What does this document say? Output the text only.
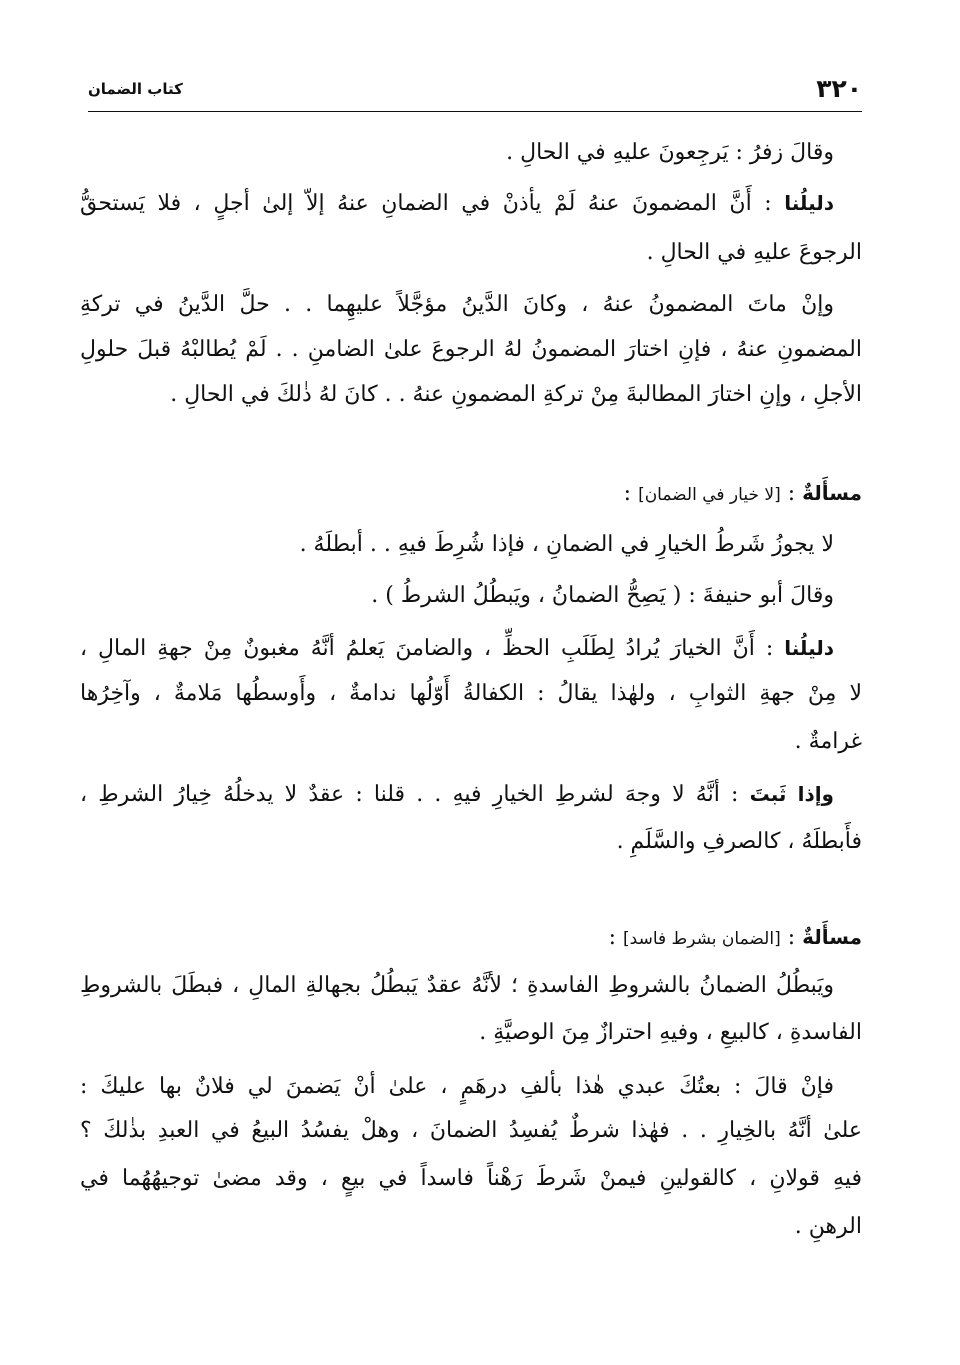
٣٢٠
كتاب الضمان
وقالَ زفرُ : يَرجِعونَ عليهِ في الحالِ .
دليلُنا : أَنَّ المضمونَ عنهُ لَمْ يأذنْ في الضمانِ عنهُ إلاّ إلىٰ أجلٍ ، فلا يَستحقُّ
الرجوعَ عليهِ في الحالِ .
وإنْ ماتَ المضمونُ عنهُ ، وكانَ الدَّينُ مؤجَّلاً عليهِما . . حلَّ الدَّينُ في تركةِ
المضمونِ عنهُ ، فإنِ اختارَ المضمونُ لهُ الرجوعَ علىٰ الضامنِ . . لَمْ يُطالبْهُ قبلَ حلولِ
الأجلِ ، وإنِ اختارَ المطالبةَ مِنْ تركةِ المضمونِ عنهُ . . كانَ لهُ ذٰلكَ في الحالِ .
مسأَلةٌ : [لا خيار في الضمان] :
لا يجوزُ شَرطُ الخيارِ في الضمانِ ، فإذا شُرِطَ فيهِ . . أبطلَهُ .
وقالَ أبو حنيفةَ : ( يَصِحُّ الضمانُ ، ويَبطُلُ الشرطُ ) .
دليلُنا : أَنَّ الخيارَ يُرادُ لِطَلَبِ الحظِّ ، والضامنَ يَعلمُ أنَّهُ مغبونٌ مِنْ جهةِ المالِ ،
لا مِنْ جهةِ الثوابِ ، ولهٰذا يقالُ : الكفالةُ أَوّلُها ندامةٌ ، وأَوسطُها مَلامةٌ ، وآخِرُها
غرامةٌ .
وإذا ثَبتَ : أنَّهُ لا وجهَ لشرطِ الخيارِ فيهِ . . قلنا : عقدٌ لا يدخلُهُ خِيارُ الشرطِ ،
فأَبطلَهُ ، كالصرفِ والسَّلَمِ .
مسأَلةٌ : [الضمان بشرط فاسد] :
ويَبطُلُ الضمانُ بالشروطِ الفاسدةِ ؛ لأنَّهُ عقدٌ يَبطُلُ بجهالةِ المالِ ، فبطَلَ بالشروطِ
الفاسدةِ ، كالبيعِ ، وفيهِ احترازٌ مِنَ الوصيَّةِ .
فإنْ قالَ : بعتُكَ عبدي هٰذا بألفِ درهَمٍ ، علىٰ أنْ يَضمنَ لي فلانٌ بها عليكَ :
علىٰ أنَّهُ بالخِيارِ . . فهٰذا شرطٌ يُفسِدُ الضمانَ ، وهلْ يفسُدُ البيعُ في العبدِ بذٰلكَ ؟
فيهِ قولانِ ، كالقولينِ فيمنْ شَرطَ رَهْناً فاسداً في بيعٍ ، وقد مضىٰ توجيهُهُما في
الرهنِ .
